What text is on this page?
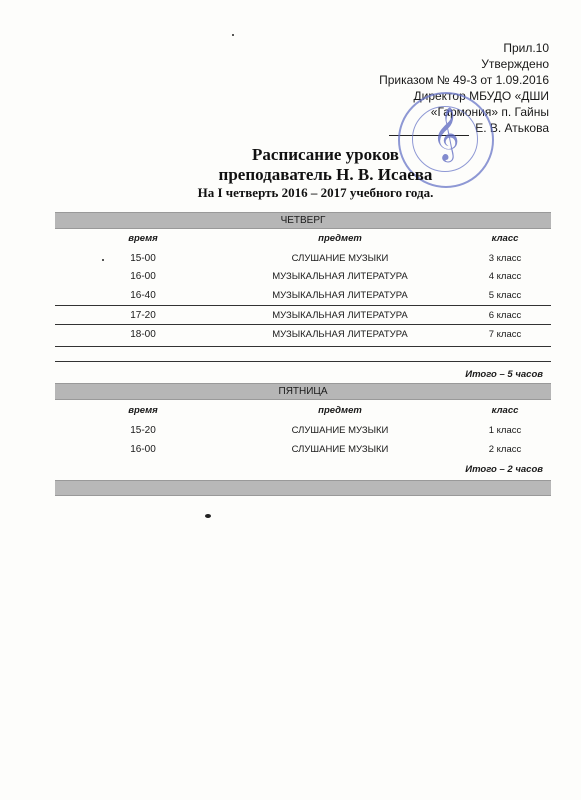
Прил.10
Утверждено
Приказом № 49-3 от 1.09.2016
Директор МБУДО «ДШИ
«Гармония» п. Гайны
Е. В. Атькова
𝄞
Расписание уроков
преподаватель Н. В. Исаева
На I четверть 2016 – 2017 учебного года.
ЧЕТВЕРГ
время	предмет	класс
15-00	СЛУШАНИЕ МУЗЫКИ	3 класс
16-00	МУЗЫКАЛЬНАЯ ЛИТЕРАТУРА	4 класс
16-40	МУЗЫКАЛЬНАЯ ЛИТЕРАТУРА	5 класс
17-20	МУЗЫКАЛЬНАЯ ЛИТЕРАТУРА	6 класс
18-00	МУЗЫКАЛЬНАЯ ЛИТЕРАТУРА	7 класс
Итого – 5 часов
ПЯТНИЦА
время	предмет	класс
15-20	СЛУШАНИЕ МУЗЫКИ	1 класс
16-00	СЛУШАНИЕ МУЗЫКИ	2 класс
Итого – 2 часов
